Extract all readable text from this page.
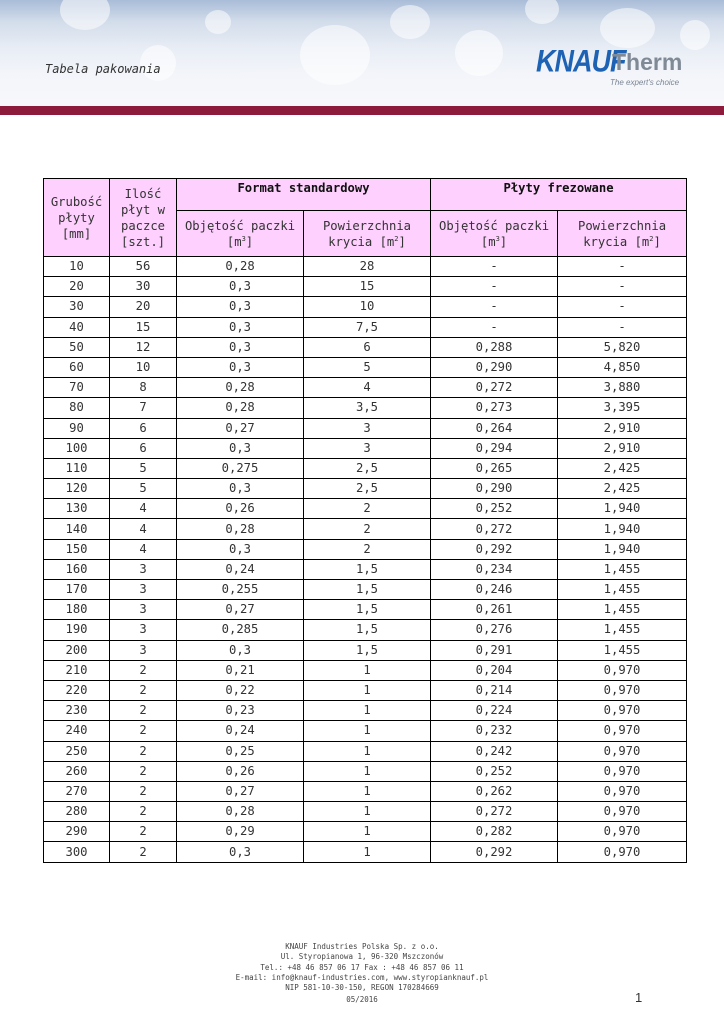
Tabela pakowania	KNAUF
Therm
The expert's choice
Grubość płyty [mm]	Ilość płyt w paczce [szt.]	Format standardowy		Płyty frezowane	
		Objętość paczki $[m^3]$	Powierzchnia krycia $[m^2]$	Objętość paczki $[m^3]$	Powierzchnia krycia $[m^2]$
10	56	0,28	28	-	-
20	30	0,3	15	-	-
30	20	0,3	10	-	-
40	15	0,3	7,5	-	-
50	12	0,3	6	0,288	5,820
60	10	0,3	5	0,290	4,850
70	8	0,28	4	0,272	3,880
80	7	0,28	3,5	0,273	3,395
90	6	0,27	3	0,264	2,910
100	6	0,3	3	0,294	2,910
110	5	0,275	2,5	0,265	2,425
120	5	0,3	2,5	0,290	2,425
130	4	0,26	2	0,252	1,940
140	4	0,28	2	0,272	1,940
150	4	0,3	2	0,292	1,940
160	3	0,24	1,5	0,234	1,455
170	3	0,255	1,5	0,246	1,455
180	3	0,27	1,5	0,261	1,455
190	3	0,285	1,5	0,276	1,455
200	3	0,3	1,5	0,291	1,455
210	2	0,21	1	0,204	0,970
220	2	0,22	1	0,214	0,970
230	2	0,23	1	0,224	0,970
240	2	0,24	1	0,232	0,970
250	2	0,25	1	0,242	0,970
260	2	0,26	1	0,252	0,970
270	2	0,27	1	0,262	0,970
280	2	0,28	1	0,272	0,970
290	2	0,29	1	0,282	0,970
300	2	0,3	1	0,292	0,970
KNAUF Industries Polska Sp. z o.o.
Ul. Styropianowa 1, 96-320 Mszczonów
Tel.: +48 46 857 06 17 Fax : +48 46 857 06 11
E-mail: info@knauf-industries.com, www.styropianknauf.pl
NIP 581-10-30-150, REGON 170284669
05/2016	1
